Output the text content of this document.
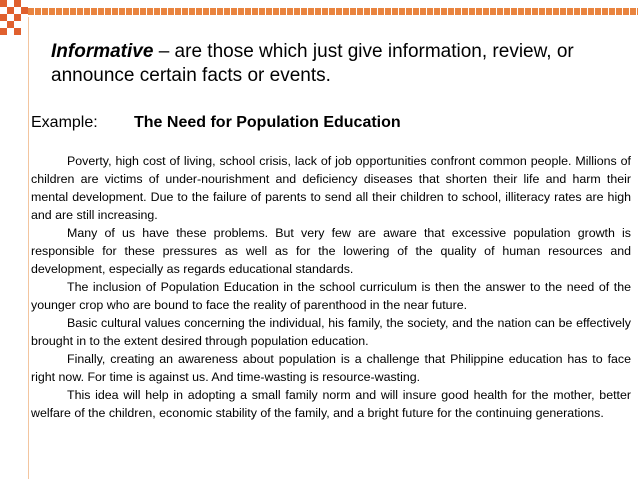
Informative – are those which just give information, review, or announce certain facts or events.
Example: The Need for Population Education

Poverty, high cost of living, school crisis, lack of job opportunities confront common people. Millions of children are victims of under-nourishment and deficiency diseases that shorten their life and harm their mental development. Due to the failure of parents to send all their children to school, illiteracy rates are high and are still increasing.

Many of us have these problems. But very few are aware that excessive population growth is responsible for these pressures as well as for the lowering of the quality of human resources and development, especially as regards educational standards.

The inclusion of Population Education in the school curriculum is then the answer to the need of the younger crop who are bound to face the reality of parenthood in the near future.

Basic cultural values concerning the individual, his family, the society, and the nation can be effectively brought in to the extent desired through population education.

Finally, creating an awareness about population is a challenge that Philippine education has to face right now. For time is against us. And time-wasting is resource-wasting.

This idea will help in adopting a small family norm and will insure good health for the mother, better welfare of the children, economic stability of the family, and a bright future for the continuing generations.
